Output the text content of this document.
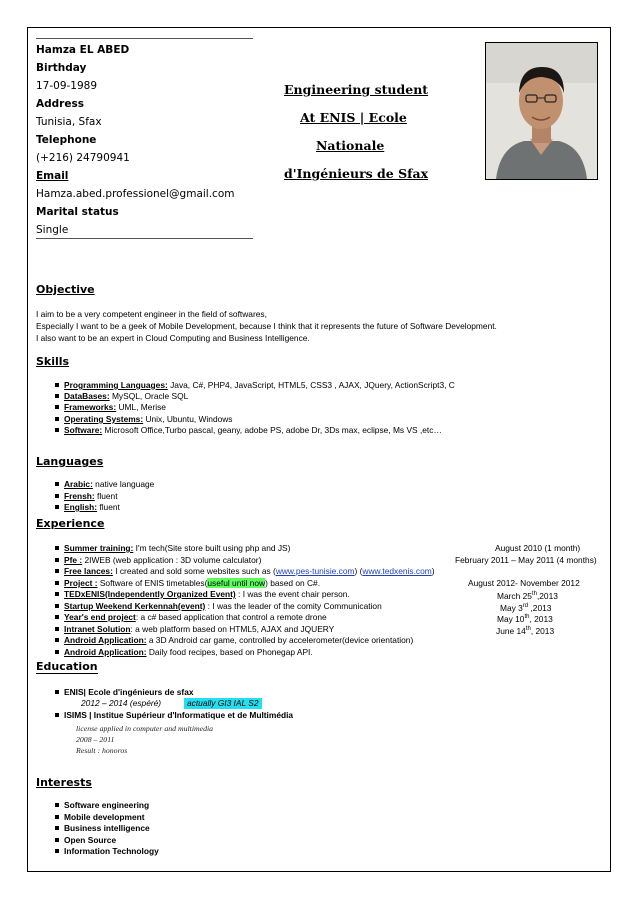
Hamza EL ABED
Birthday
17-09-1989
Address
Tunisia, Sfax
Telephone
(+216) 24790941
Email
Hamza.abed.professionel@gmail.com
Marital status
Single
Engineering student
At ENIS | Ecole
Nationale
d'Ingénieurs de Sfax
Objective
I aim to be a very competent engineer in the field of softwares,
Especially I want to be a geek of Mobile Development, because I think that it represents the future of Software Development.
I also want to be an expert in Cloud Computing and Business Intelligence.
Skills
Programming Languages: Java, C#, PHP4, JavaScript, HTML5, CSS3 , AJAX, JQuery, ActionScript3, C
DataBases: MySQL, Oracle SQL
Frameworks: UML, Merise
Operating Systems: Unix, Ubuntu, Windows
Software: Microsoft Office,Turbo pascal, geany, adobe PS, adobe Dr, 3Ds max, eclipse, Ms VS ,etc…
Languages
Arabic: native language
Frensh: fluent
English: fluent
Experience
Summer training: I'm tech(Site store built using php and JS)	August 2010 (1 month)
Pfe : 2IWEB (web application : 3D volume calculator)	February 2011 – May 2011 (4 months)
Free lances: I created and sold some websites such as (www.pes-tunisie.com) (www.tedxenis.com)
Project : Software of ENIS timetables(useful until now) based on C#.	August 2012- November 2012
TEDxENIS(Independently Organized Event) : I was the event chair person.	March 25th,2013
Startup Weekend Kerkennah(event) : I was the leader of the comity Communication	May 3rd ,2013
Year's end project: a c# based application that control a remote drone	May 10th, 2013
Intranet Solution: a web platform based on HTML5, AJAX and JQUERY	June 14th, 2013
Android Application: a 3D Android car game, controlled by accelerometer(device orientation)
Android Application: Daily food recipes, based on Phonegap API.
Education
ENIS| Ecole d'ingénieurs de sfax
2012 – 2014 (espéré)	actually GI3 IAL S2
ISIMS | Institue Supérieur d'Informatique et de Multimédia
license applied in computer and multimedia
2008 – 2011
Result : honoros
Interests
Software engineering
Mobile development
Business intelligence
Open Source
Information Technology
